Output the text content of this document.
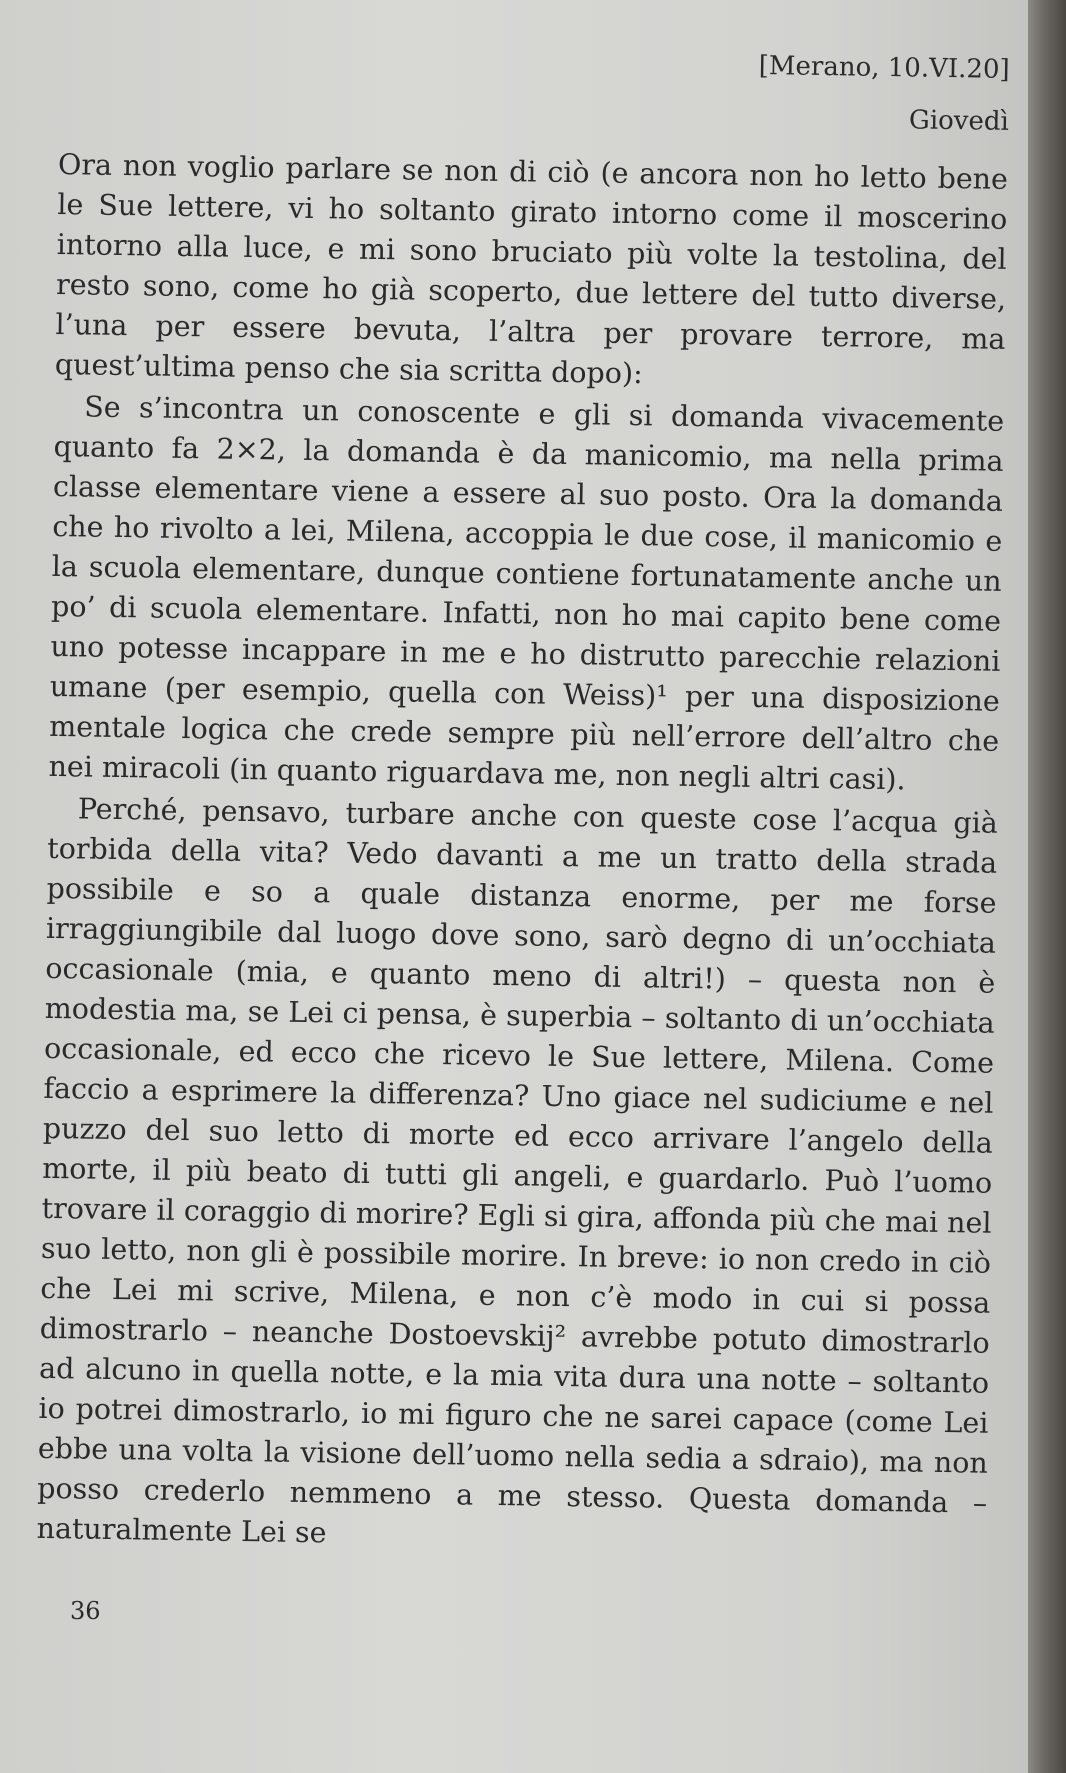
[Merano, 10.VI.20]
Giovedì

Ora non voglio parlare se non di ciò (e ancora non ho letto bene le Sue lettere, vi ho soltanto girato intorno come il moscerino intorno alla luce, e mi sono bruciato più volte la testolina, del resto sono, come ho già scoperto, due lettere del tutto diverse, l’una per essere bevuta, l’altra per provare terrore, ma quest’ultima penso che sia scritta dopo):

Se s’incontra un conoscente e gli si domanda vivacemente quanto fa 2×2, la domanda è da manicomio, ma nella prima classe elementare viene a essere al suo posto. Ora la domanda che ho rivolto a lei, Milena, accoppia le due cose, il manicomio e la scuola elementare, dunque contiene fortunatamente anche un po’ di scuola elementare. Infatti, non ho mai capito bene come uno potesse incappare in me e ho distrutto parecchie relazioni umane (per esempio, quella con Weiss)¹ per una disposizione mentale logica che crede sempre più nell’errore dell’altro che nei miracoli (in quanto riguardava me, non negli altri casi).

Perché, pensavo, turbare anche con queste cose l’acqua già torbida della vita? Vedo davanti a me un tratto della strada possibile e so a quale distanza enorme, per me forse irraggiungibile dal luogo dove sono, sarò degno di un’occhiata occasionale (mia, e quanto meno di altri!) – questa non è modestia ma, se Lei ci pensa, è superbia – soltanto di un’occhiata occasionale, ed ecco che ricevo le Sue lettere, Milena. Come faccio a esprimere la differenza? Uno giace nel sudiciume e nel puzzo del suo letto di morte ed ecco arrivare l’angelo della morte, il più beato di tutti gli angeli, e guardarlo. Può l’uomo trovare il coraggio di morire? Egli si gira, affonda più che mai nel suo letto, non gli è possibile morire. In breve: io non credo in ciò che Lei mi scrive, Milena, e non c’è modo in cui si possa dimostrarlo – neanche Dostoevskij² avrebbe potuto dimostrarlo ad alcuno in quella notte, e la mia vita dura una notte – soltanto io potrei dimostrarlo, io mi figuro che ne sarei capace (come Lei ebbe una volta la visione dell’uomo nella sedia a sdraio), ma non posso crederlo nemmeno a me stesso. Questa domanda – naturalmente Lei se

36
